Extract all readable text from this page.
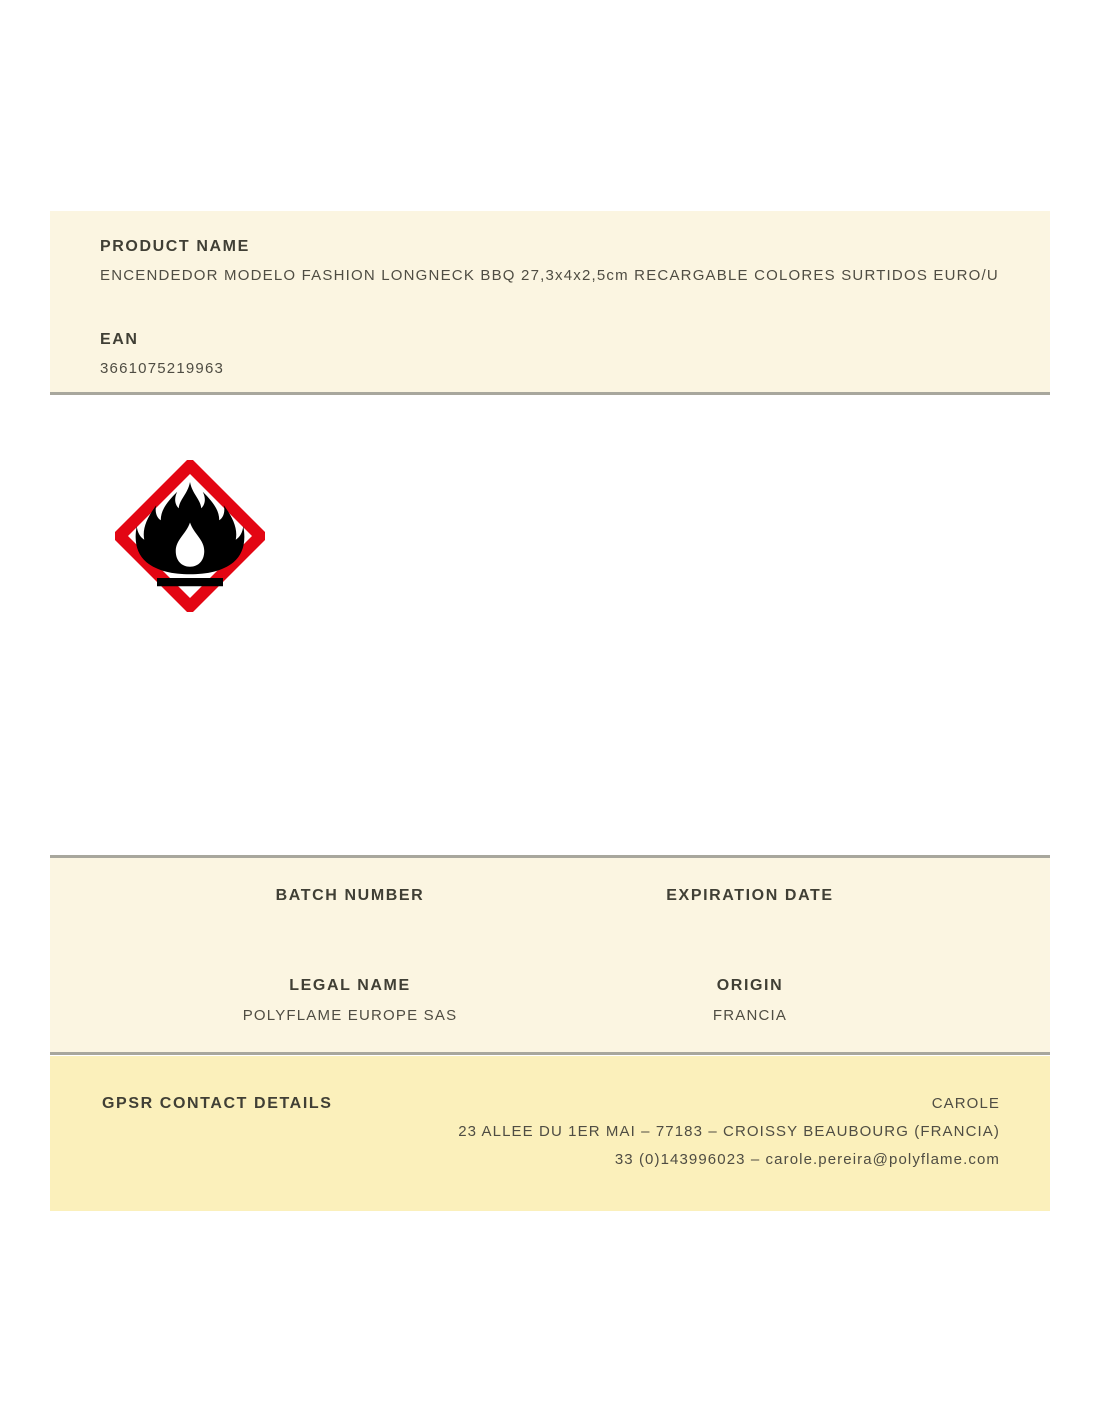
PRODUCT NAME
ENCENDEDOR MODELO FASHION LONGNECK BBQ 27,3x4x2,5cm RECARGABLE COLORES SURTIDOS EURO/U
EAN
3661075219963
BATCH NUMBER
LEGAL NAME
POLYFLAME EUROPE SAS
EXPIRATION DATE
ORIGIN
FRANCIA
GPSR CONTACT DETAILS	CAROLE
23 ALLEE DU 1ER MAI – 77183 – CROISSY BEAUBOURG (FRANCIA)
33 (0)143996023 – carole.pereira@polyflame.com
